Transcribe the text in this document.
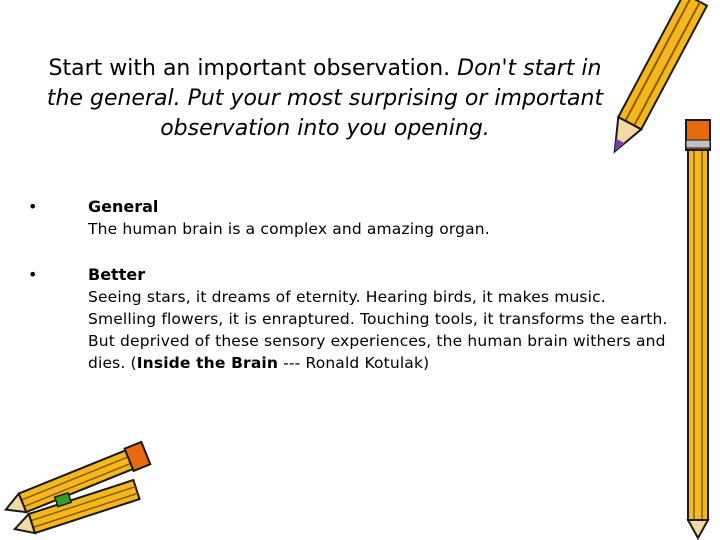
Start with an important observation. Don't start in the general. Put your most surprising or important observation into you opening.
•	General
The human brain is a complex and amazing organ.
•	Better
Seeing stars, it dreams of eternity. Hearing birds, it makes music. Smelling flowers, it is enraptured. Touching tools, it transforms the earth. But deprived of these sensory experiences, the human brain withers and dies. (Inside the Brain --- Ronald Kotulak)
